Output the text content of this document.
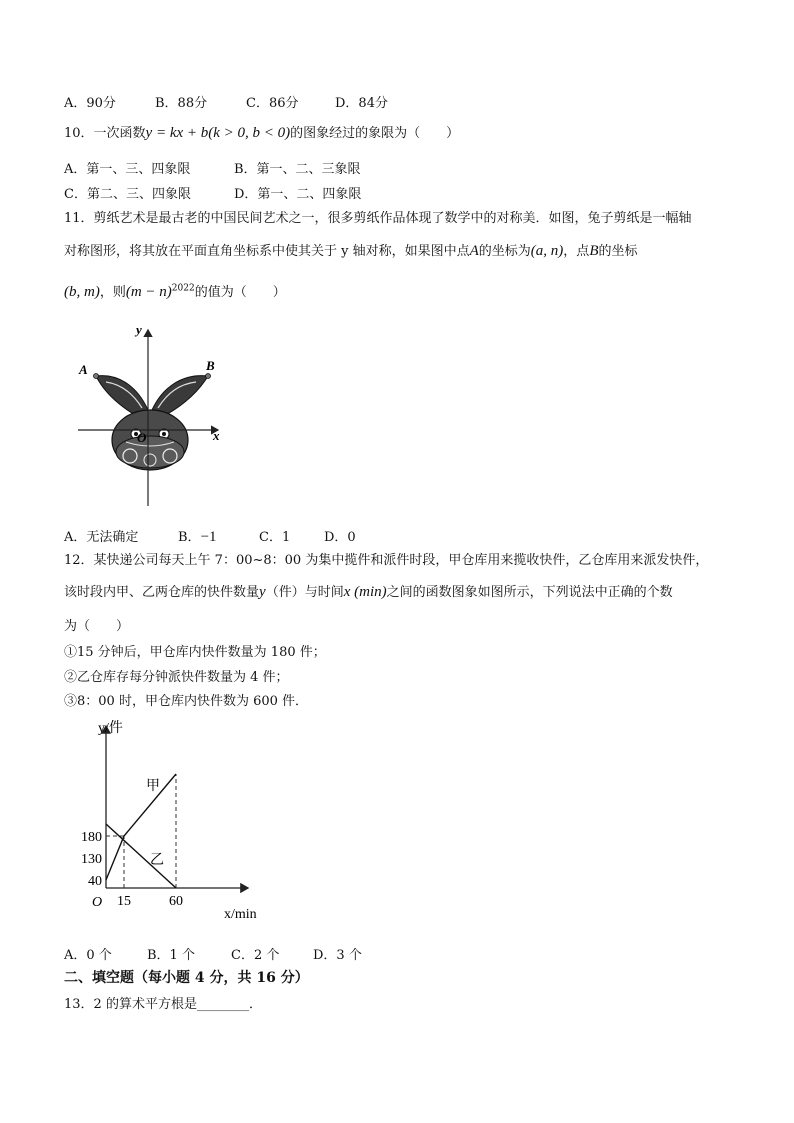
A．90分	B．88分	C．86分	D．84分
10．一次函数y = kx + b(k > 0, b < 0)的图象经过的象限为（　　）
A．第一、三、四象限	B．第一、二、三象限
C．第二、三、四象限	D．第一、二、四象限
11．剪纸艺术是最古老的中国民间艺术之一，很多剪纸作品体现了数学中的对称美．如图，兔子剪纸是一幅轴
对称图形，将其放在平面直角坐标系中使其关于 y 轴对称，如果图中点A的坐标为(a, n)，点B的坐标
(b, m)，则$(m - n)^{2022}$的值为（　　）
y
x
O
A	B
A．无法确定	B．−1	C．1	D．0
12．某快递公司每天上午 7：00~8：00 为集中揽件和派件时段，甲仓库用来揽收快件，乙仓库用来派发快件，
该时段内甲、乙两仓库的快件数量y（件）与时间x (min)之间的函数图象如图所示，下列说法中正确的个数
为（　　）
①15 分钟后，甲仓库内快件数量为 180 件；
②乙仓库存每分钟派快件数量为 4 件；
③8：00 时，甲仓库内快件数为 600 件．
y/件
x/min
O
甲
乙
40
130
180
15	60
A．0 个	B．1 个	C．2 个	D．3 个
二、填空题（每小题 4 分，共 16 分）
13．2 的算术平方根是________．
